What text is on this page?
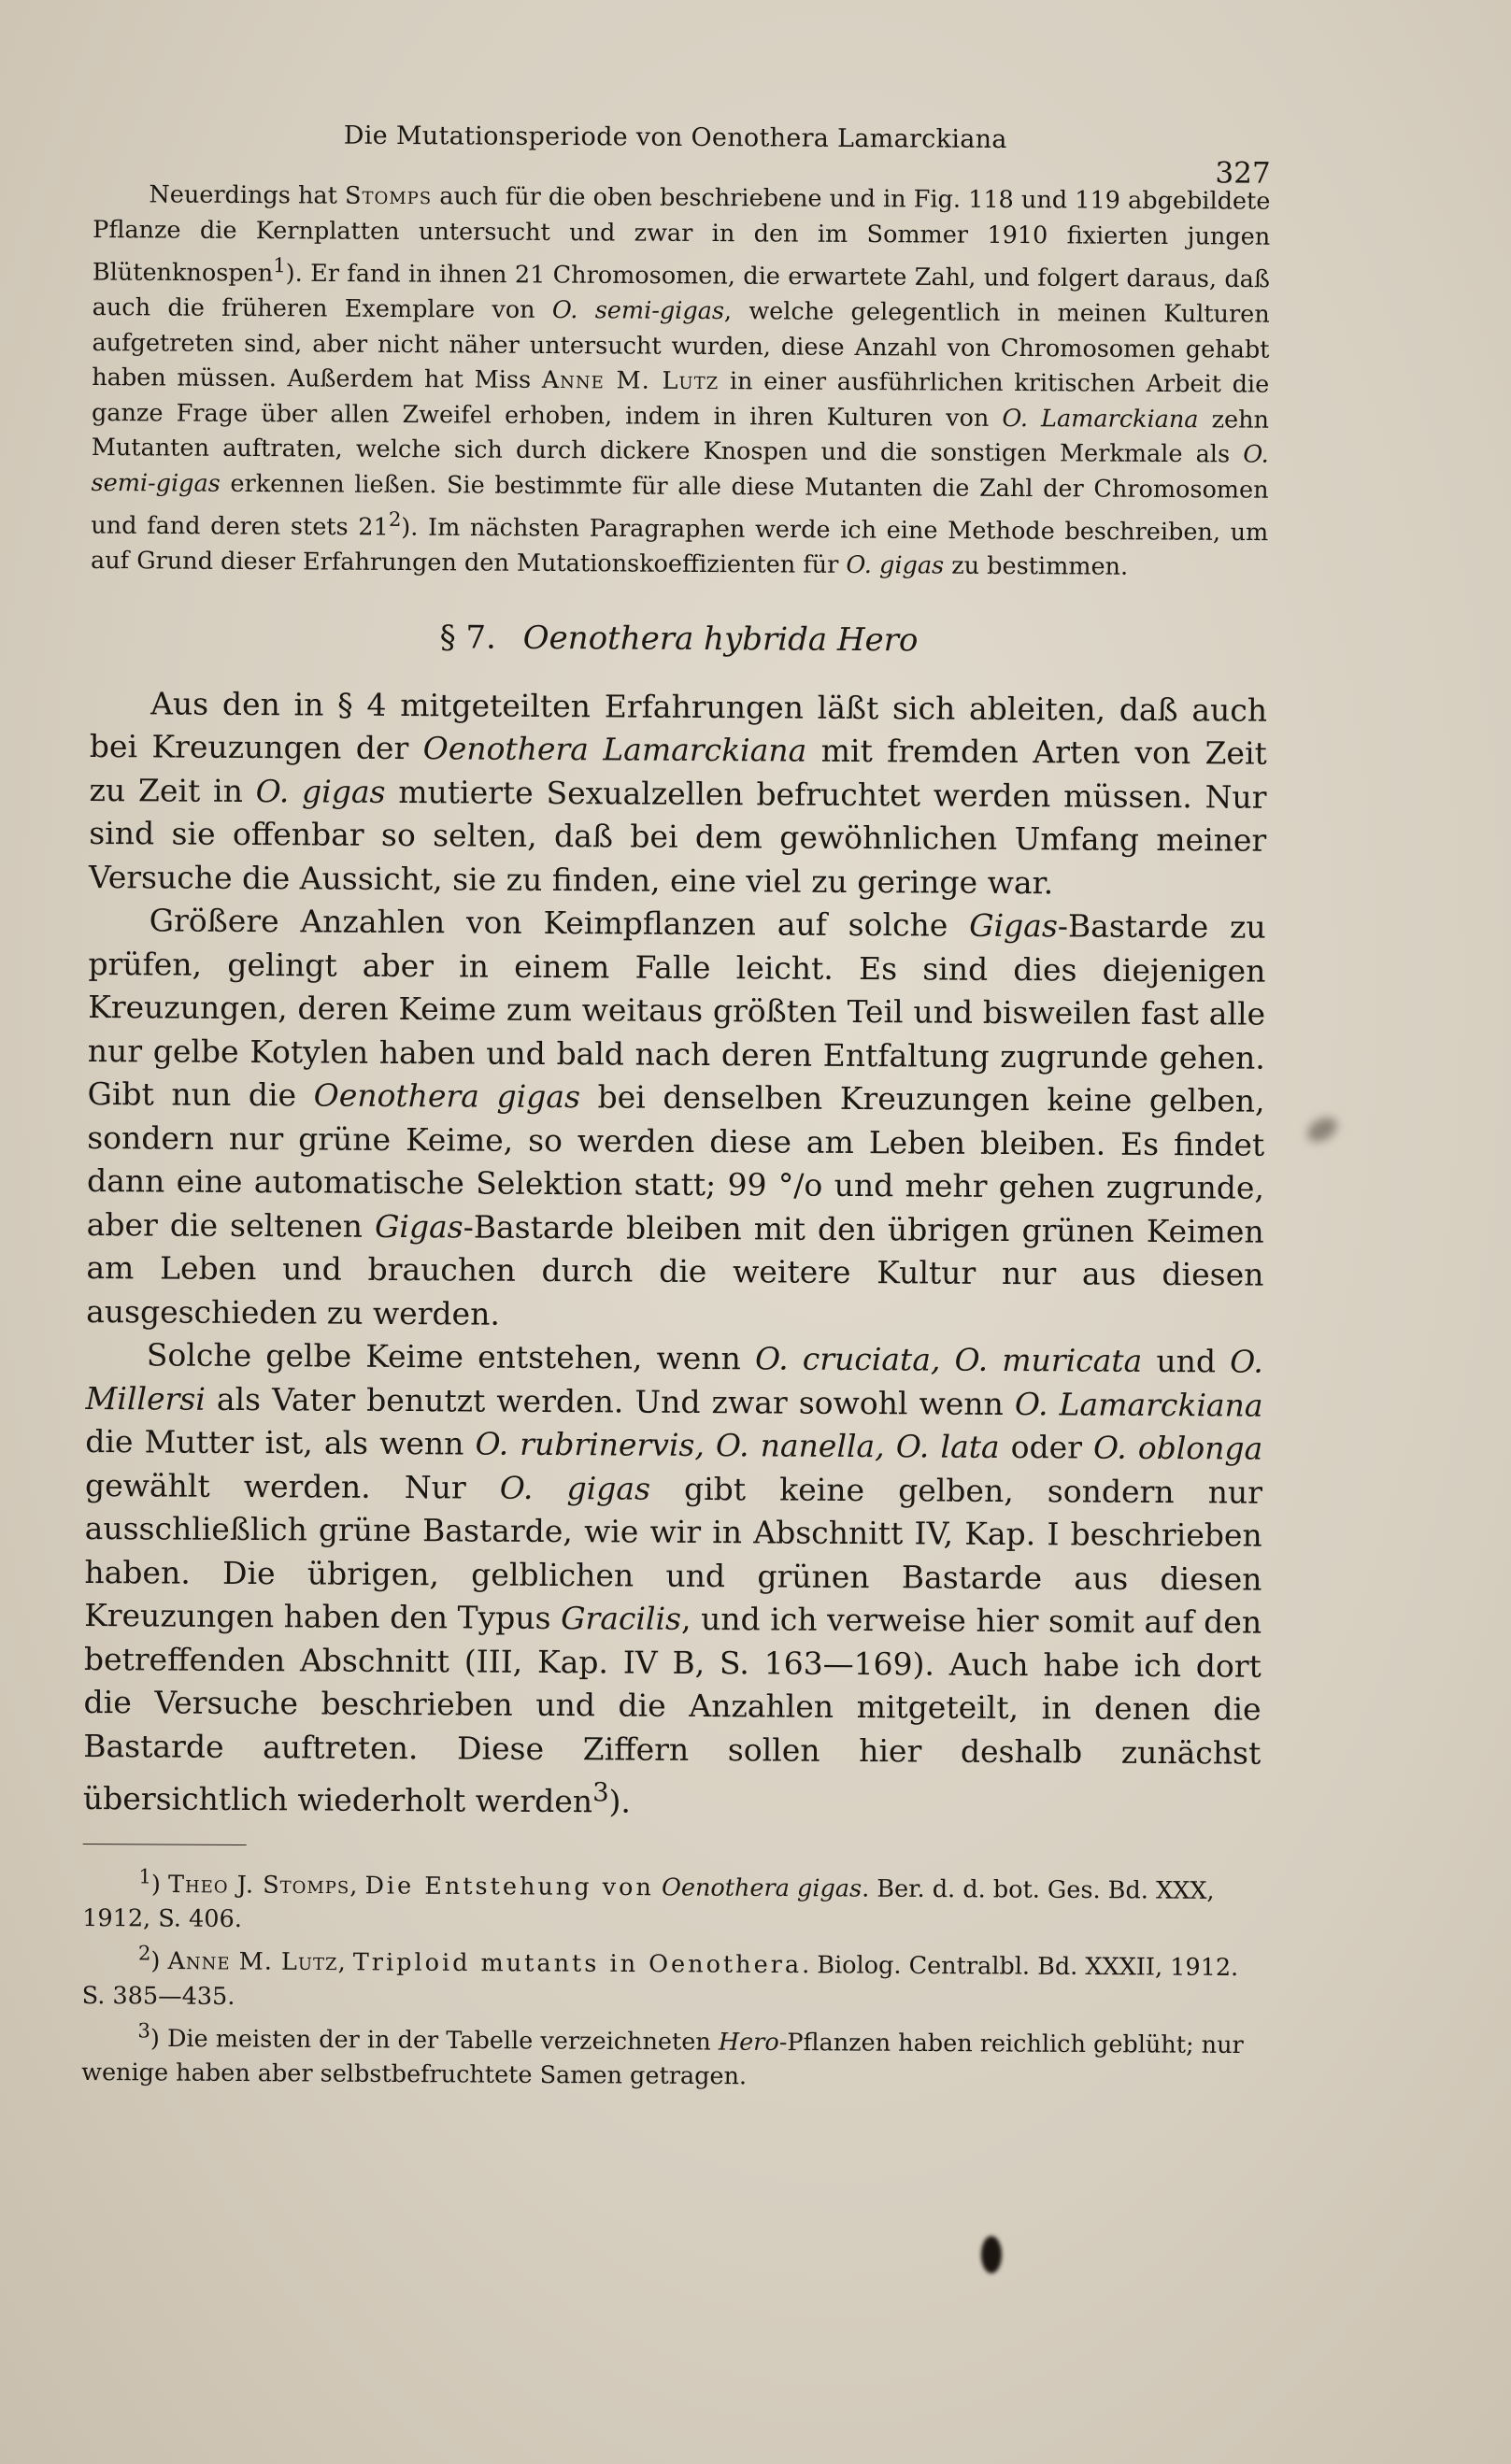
Die Mutationsperiode von Oenothera Lamarckiana
327

Neuerdings hat Stomps auch für die oben beschriebene und in Fig. 118 und 119 abgebildete Pflanze die Kernplatten untersucht und zwar in den im Sommer 1910 fixierten jungen Blütenknospen$^1$). Er fand in ihnen 21 Chromosomen, die erwartete Zahl, und folgert daraus, daß auch die früheren Exemplare von O. semi-gigas, welche gelegentlich in meinen Kulturen aufgetreten sind, aber nicht näher untersucht wurden, diese Anzahl von Chromosomen gehabt haben müssen. Außerdem hat Miss Anne M. Lutz in einer ausführlichen kritischen Arbeit die ganze Frage über allen Zweifel erhoben, indem in ihren Kulturen von O. Lamarckiana zehn Mutanten auftraten, welche sich durch dickere Knospen und die sonstigen Merkmale als O. semi-gigas erkennen ließen. Sie bestimmte für alle diese Mutanten die Zahl der Chromosomen und fand deren stets $21^2$). Im nächsten Paragraphen werde ich eine Methode beschreiben, um auf Grund dieser Erfahrungen den Mutationskoeffizienten für O. gigas zu bestimmen.

§ 7. Oenothera hybrida Hero

Aus den in § 4 mitgeteilten Erfahrungen läßt sich ableiten, daß auch bei Kreuzungen der Oenothera Lamarckiana mit fremden Arten von Zeit zu Zeit in O. gigas mutierte Sexualzellen befruchtet werden müssen. Nur sind sie offenbar so selten, daß bei dem gewöhnlichen Umfang meiner Versuche die Aussicht, sie zu finden, eine viel zu geringe war.

Größere Anzahlen von Keimpflanzen auf solche Gigas-Bastarde zu prüfen, gelingt aber in einem Falle leicht. Es sind dies diejenigen Kreuzungen, deren Keime zum weitaus größten Teil und bisweilen fast alle nur gelbe Kotylen haben und bald nach deren Entfaltung zugrunde gehen. Gibt nun die Oenothera gigas bei denselben Kreuzungen keine gelben, sondern nur grüne Keime, so werden diese am Leben bleiben. Es findet dann eine automatische Selektion statt; 99 °/o und mehr gehen zugrunde, aber die seltenen Gigas-Bastarde bleiben mit den übrigen grünen Keimen am Leben und brauchen durch die weitere Kultur nur aus diesen ausgeschieden zu werden.

Solche gelbe Keime entstehen, wenn O. cruciata, O. muricata und O. Millersi als Vater benutzt werden. Und zwar sowohl wenn O. Lamarckiana die Mutter ist, als wenn O. rubrinervis, O. nanella, O. lata oder O. oblonga gewählt werden. Nur O. gigas gibt keine gelben, sondern nur ausschließlich grüne Bastarde, wie wir in Abschnitt IV, Kap. I beschrieben haben. Die übrigen, gelblichen und grünen Bastarde aus diesen Kreuzungen haben den Typus Gracilis, und ich verweise hier somit auf den betreffenden Abschnitt (III, Kap. IV B, S. 163—169). Auch habe ich dort die Versuche beschrieben und die Anzahlen mitgeteilt, in denen die Bastarde auftreten. Diese Ziffern sollen hier deshalb zunächst übersichtlich wiederholt werden$^3$).

$^1$) Theo J. Stomps, Die Entstehung von Oenothera gigas. Ber. d. d. bot. Ges. Bd. XXX, 1912, S. 406.

$^2$) Anne M. Lutz, Triploid mutants in Oenothera. Biolog. Centralbl. Bd. XXXII, 1912. S. 385—435.

$^3$) Die meisten der in der Tabelle verzeichneten Hero-Pflanzen haben reichlich geblüht; nur wenige haben aber selbstbefruchtete Samen getragen.
